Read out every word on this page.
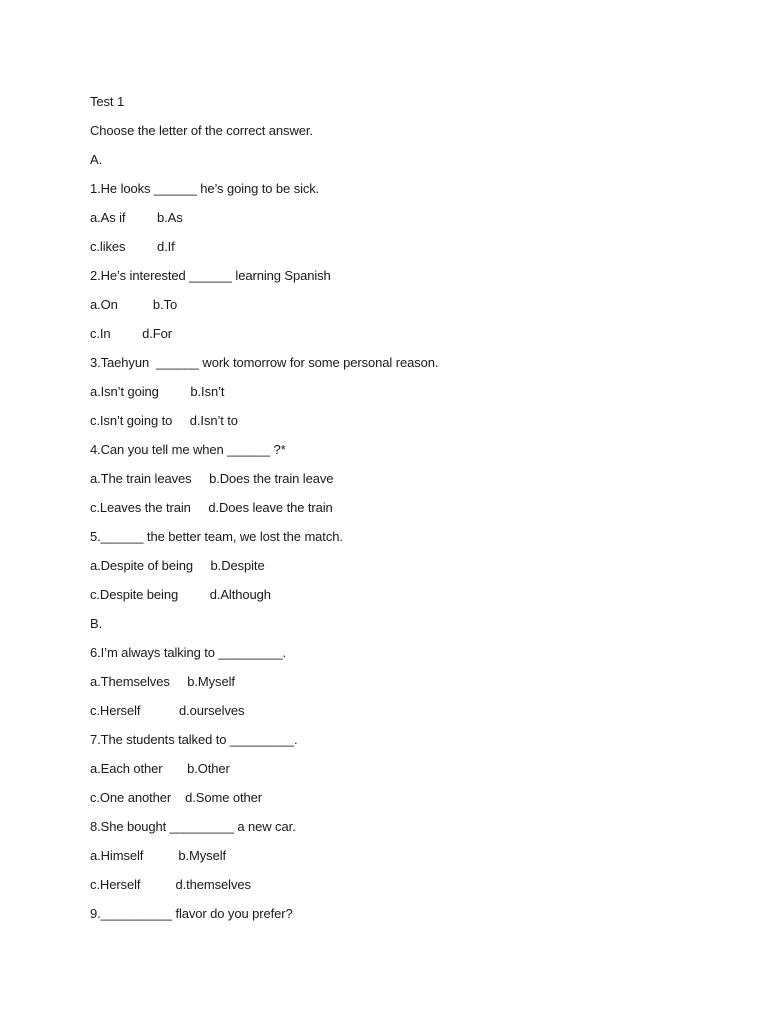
Test 1
Choose the letter of the correct answer.
A.
1.He looks ______ he’s going to be sick.
a.As if         b.As
c.likes         d.If
2.He’s interested ______ learning Spanish
a.On          b.To
c.In         d.For
3.Taehyun  ______ work tomorrow for some personal reason.
a.Isn’t going         b.Isn’t
c.Isn’t going to     d.Isn’t to
4.Can you tell me when ______ ?*
a.The train leaves     b.Does the train leave
c.Leaves the train     d.Does leave the train
5.______ the better team, we lost the match.
a.Despite of being     b.Despite
c.Despite being         d.Although
B.
6.I’m always talking to _________.
a.Themselves     b.Myself
c.Herself           d.ourselves
7.The students talked to _________.
a.Each other       b.Other
c.One another    d.Some other
8.She bought _________ a new car.
a.Himself          b.Myself
c.Herself          d.themselves
9.__________ flavor do you prefer?
